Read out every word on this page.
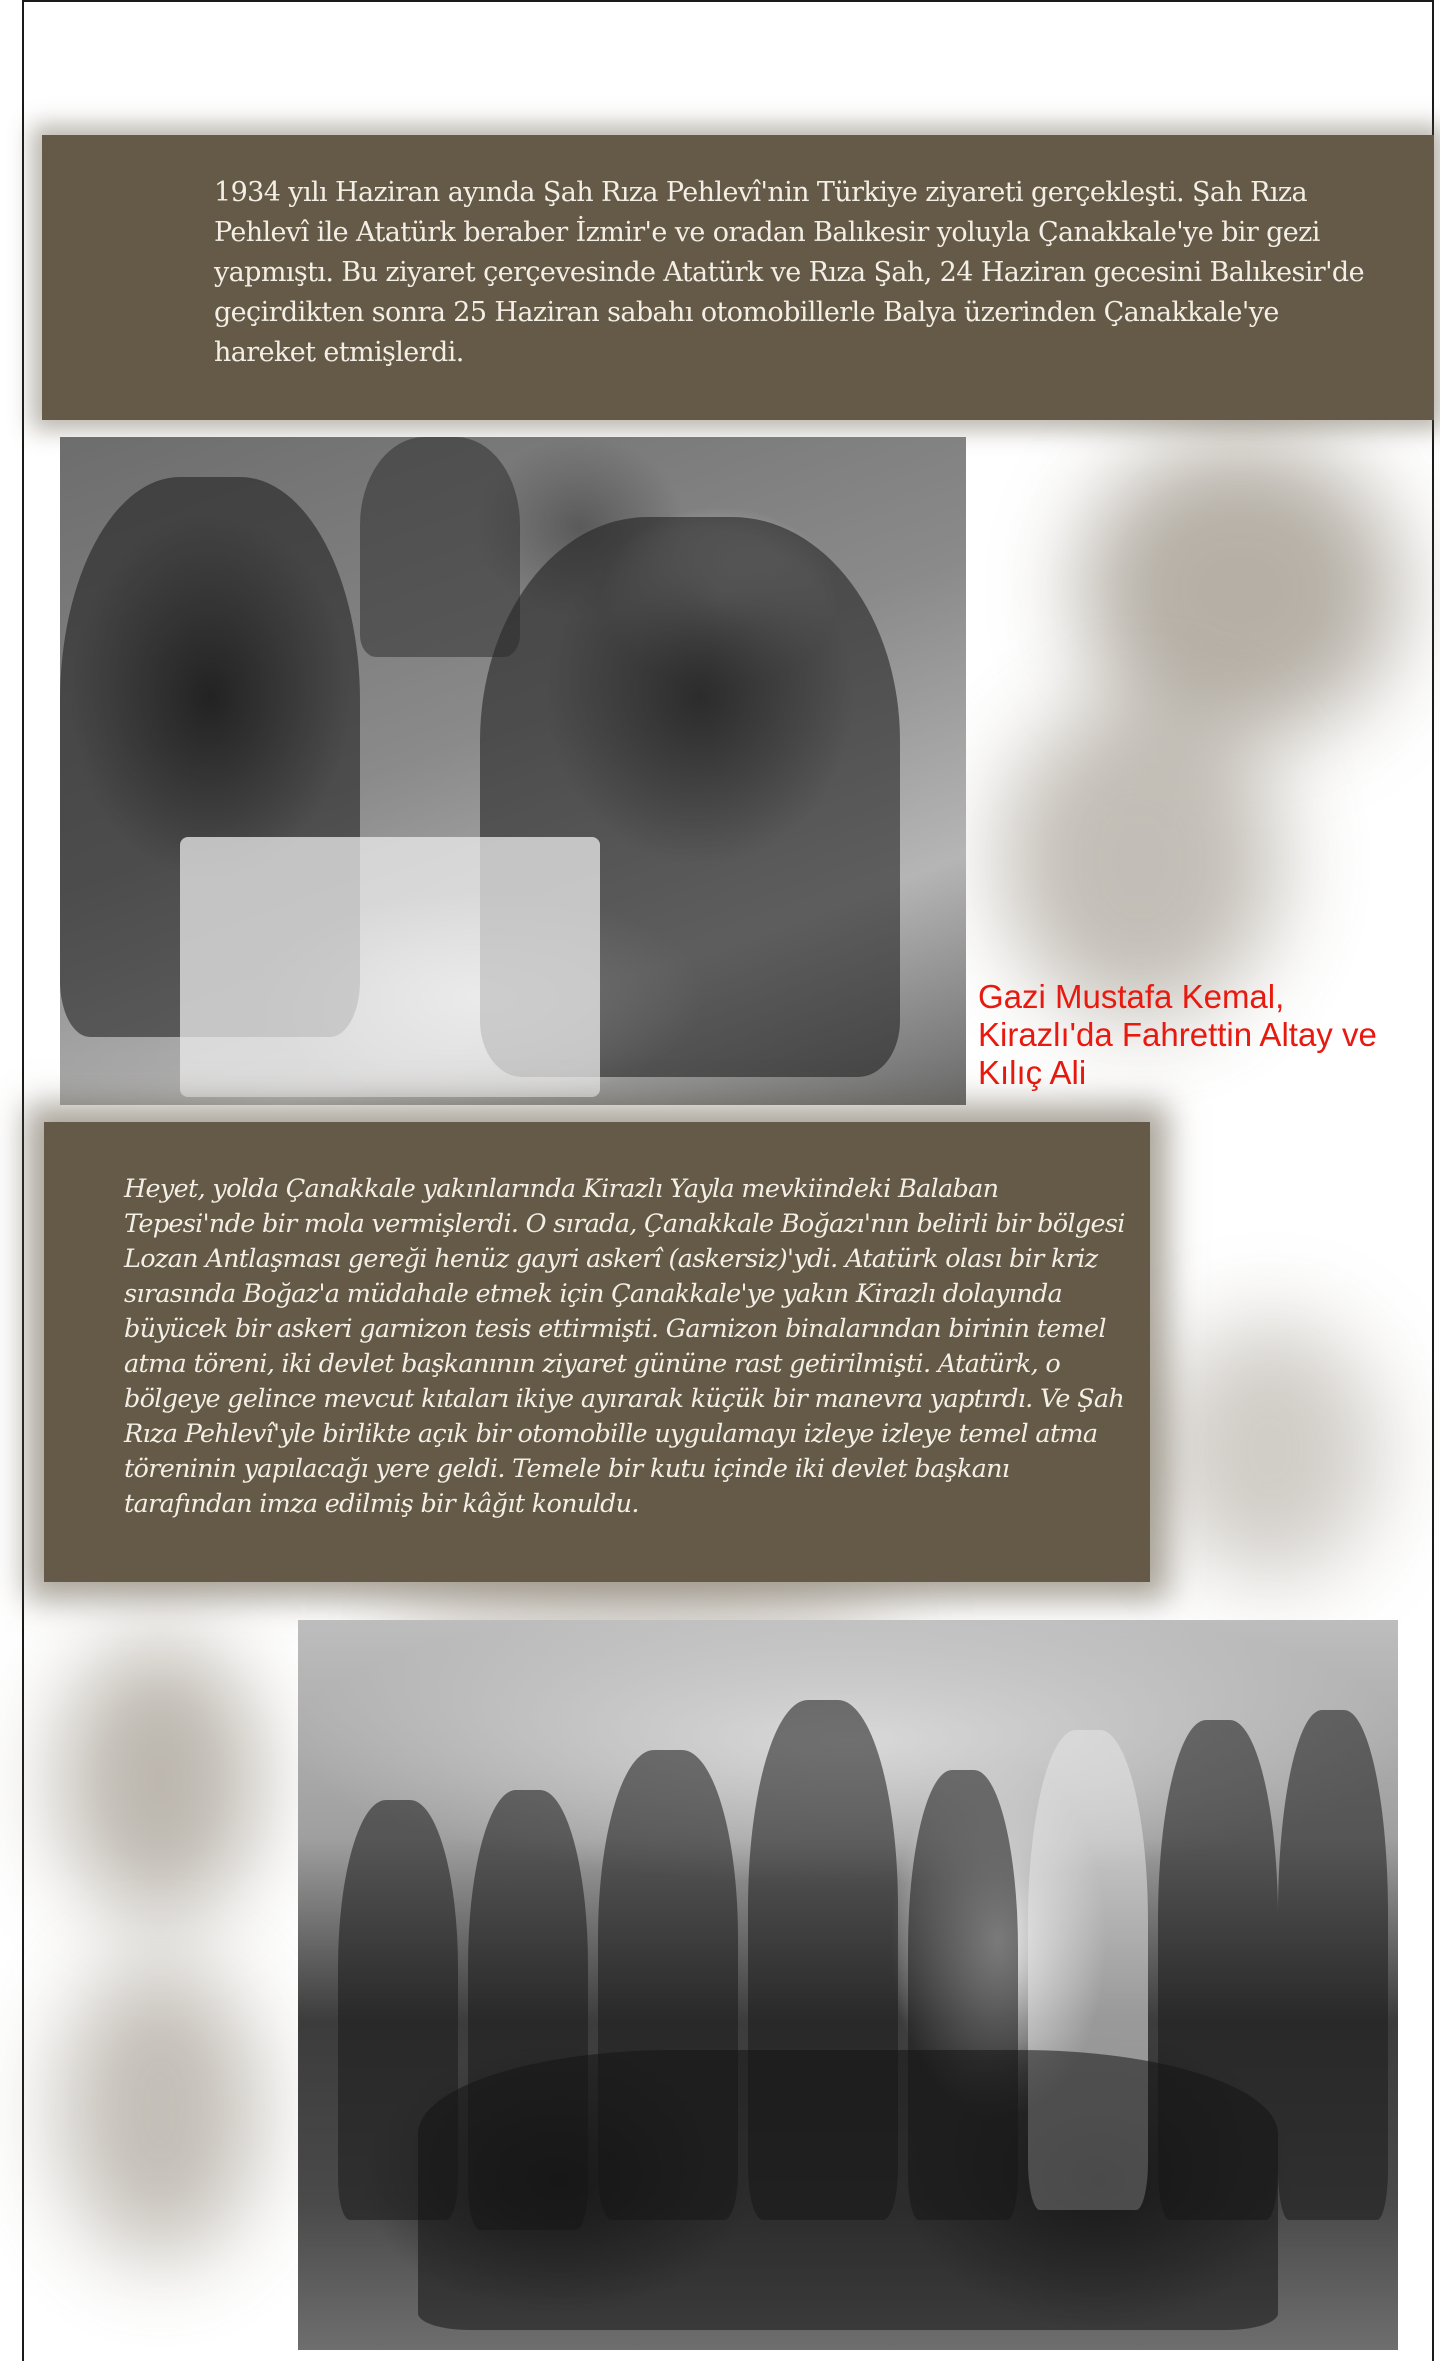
1934 yılı Haziran ayında Şah Rıza Pehlevî'nin Türkiye ziyareti gerçekleşti. Şah Rıza Pehlevî ile Atatürk beraber İzmir'e ve oradan Balıkesir yoluyla Çanakkale'ye bir gezi yapmıştı. Bu ziyaret çerçevesinde Atatürk ve Rıza Şah, 24 Haziran gecesini Balıkesir'de geçirdikten sonra 25 Haziran sabahı otomobillerle Balya üzerinden Çanakkale'ye hareket etmişlerdi.

Gazi Mustafa Kemal, Kirazlı'da Fahrettin Altay ve Kılıç Ali

Heyet, yolda Çanakkale yakınlarında Kirazlı Yayla mevkiindeki Balaban Tepesi'nde bir mola vermişlerdi. O sırada, Çanakkale Boğazı'nın belirli bir bölgesi Lozan Antlaşması gereği henüz gayri askerî (askersiz)'ydi. Atatürk olası bir kriz sırasında Boğaz'a müdahale etmek için Çanakkale'ye yakın Kirazlı dolayında büyücek bir askeri garnizon tesis ettirmişti. Garnizon binalarından birinin temel atma töreni, iki devlet başkanının ziyaret gününe rast getirilmişti. Atatürk, o bölgeye gelince mevcut kıtaları ikiye ayırarak küçük bir manevra yaptırdı. Ve Şah Rıza Pehlevî'yle birlikte açık bir otomobille uygulamayı izleye izleye temel atma töreninin yapılacağı yere geldi. Temele bir kutu içinde iki devlet başkanı tarafından imza edilmiş bir kâğıt konuldu.
